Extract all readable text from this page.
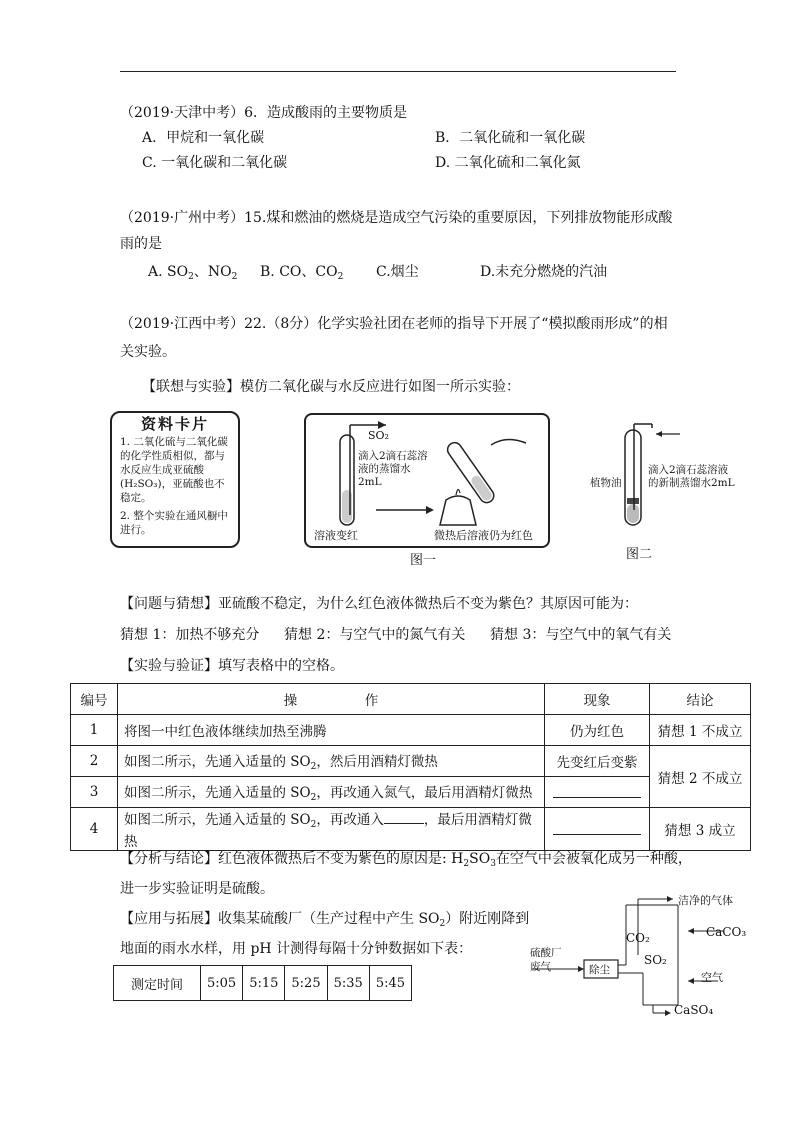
（2019·天津中考）6．造成酸雨的主要物质是
A．甲烷和一氧化碳	B．二氧化硫和一氧化碳
C. 一氧化碳和二氧化碳	D. 二氧化硫和二氧化氮
（2019·广州中考）15.煤和燃油的燃烧是造成空气污染的重要原因，下列排放物能形成酸
雨的是
A. $SO_2$、$NO_2$ B. CO、$CO_2$ C.烟尘	D.未充分燃烧的汽油
（2019·江西中考）22.（8分）化学实验社团在老师的指导下开展了“模拟酸雨形成”的相
关实验。
【联想与实验】模仿二氧化碳与水反应进行如图一所示实验：
资料卡片
1. 二氧化硫与二氧化碳的化学性质相似，都与水反应生成亚硫酸(H₂SO₃)，亚硫酸也不稳定。
2. 整个实验在通风橱中进行。
SO₂
滴入2滴石蕊溶液的蒸馏水2mL
溶液变红	微热后溶液仍为红色
图一
植物油
滴入2滴石蕊溶液的新制蒸馏水2mL
图二
【问题与猜想】亚硫酸不稳定，为什么红色液体微热后不变为紫色？其原因可能为：
猜想 1：加热不够充分 猜想 2：与空气中的氮气有关 猜想 3：与空气中的氧气有关
【实验与验证】填写表格中的空格。
编号	操　　　　　作	现象	结论
1	将图一中红色液体继续加热至沸腾	仍为红色	猜想 1 不成立
2	如图二所示，先通入适量的 $SO_2$，然后用酒精灯微热	先变红后变紫	猜想 2 不成立
3	如图二所示，先通入适量的 $SO_2$，再改通入氮气，最后用酒精灯微热		
4	如图二所示，先通入适量的 $SO_2$，再改通入 ，最后用酒精灯微热		猜想 3 成立
【分析与结论】红色液体微热后不变为紫色的原因是: $H_2SO_3$在空气中会被氧化成另一种酸，
进一步实验证明是硫酸。
【应用与拓展】收集某硫酸厂（生产过程中产生 $SO_2$）附近刚降到
地面的雨水水样，用 pH 计测得每隔十分钟数据如下表：
测定时间	5:05	5:15	5:25	5:35	5:45
硫酸厂
废气	除尘
洁净的气体
CO₂	CaCO₃
SO₂
空气
CaSO₄
